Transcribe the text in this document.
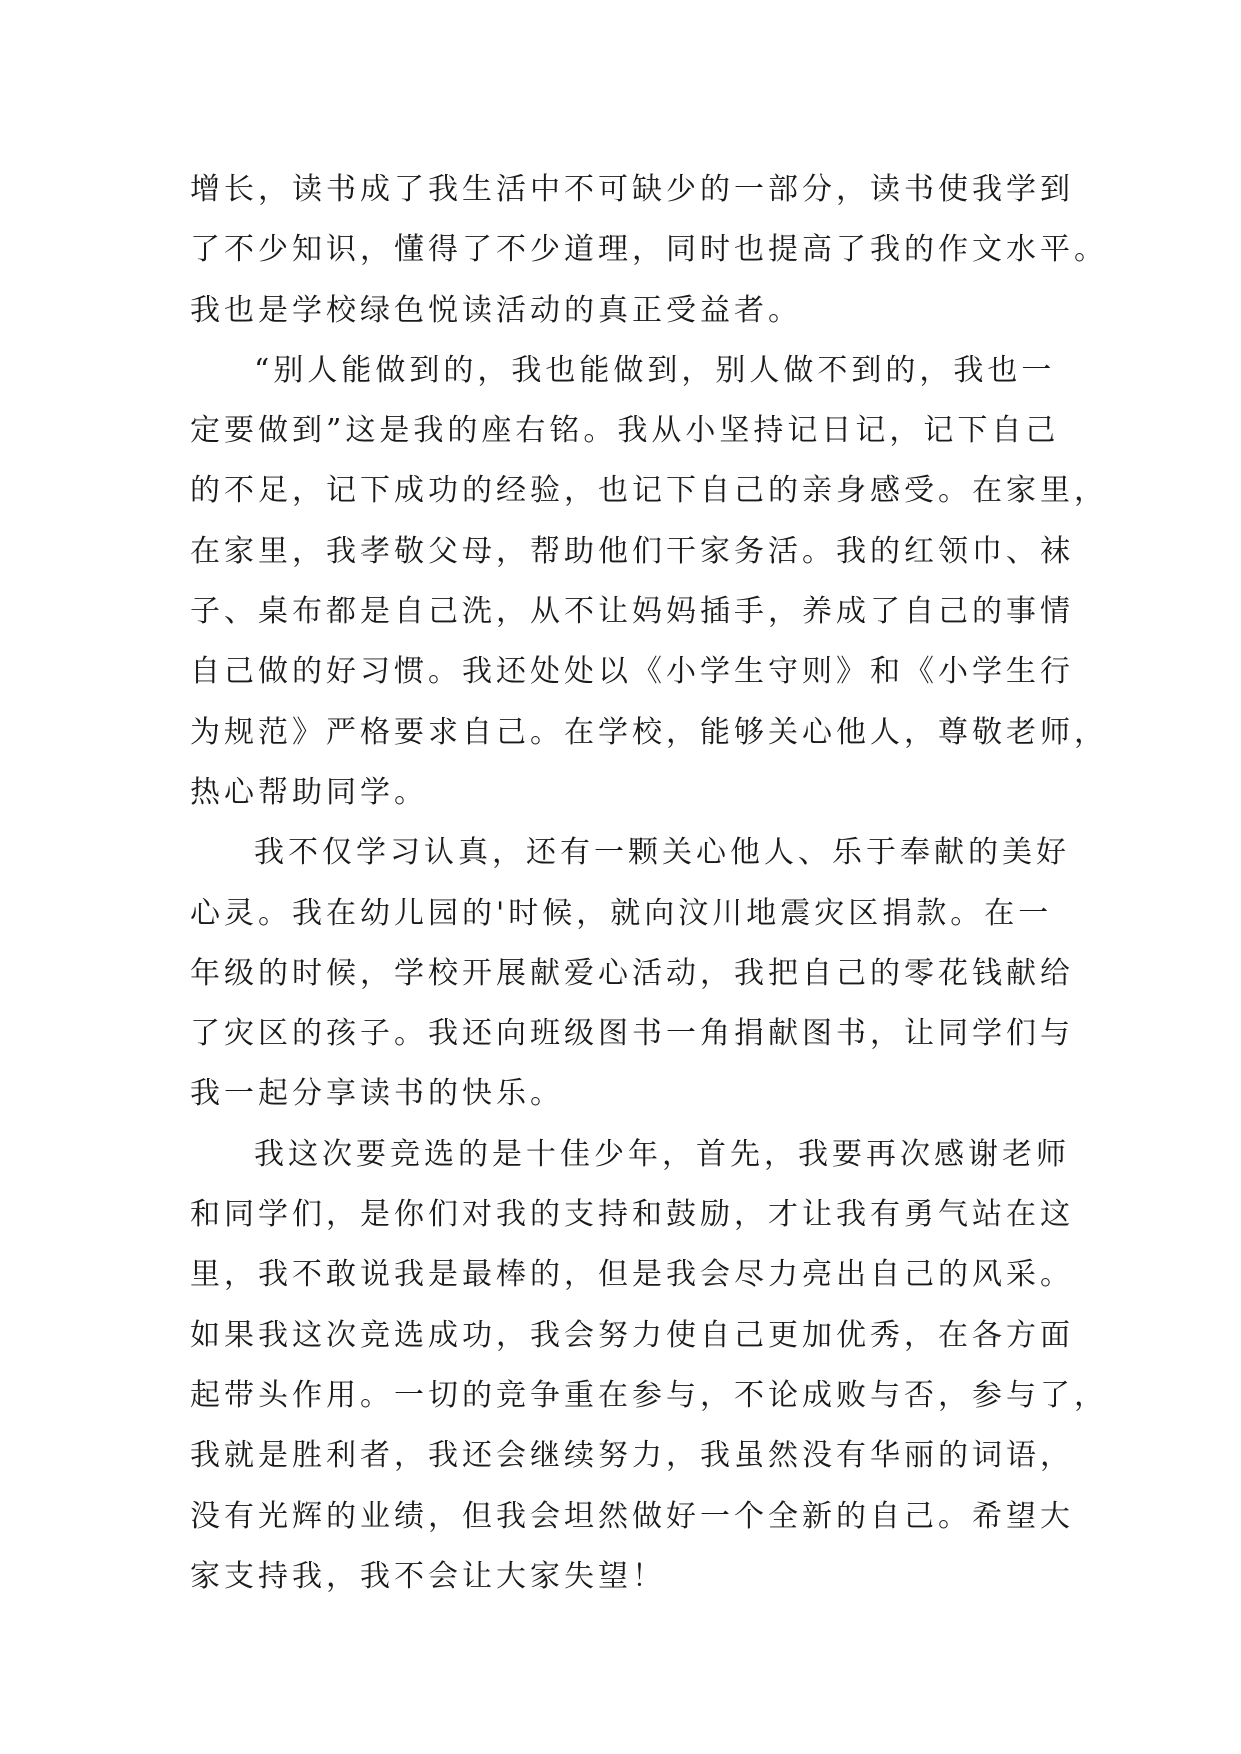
增长，读书成了我生活中不可缺少的一部分，读书使我学到
了不少知识，懂得了不少道理，同时也提高了我的作文水平。
我也是学校绿色悦读活动的真正受益者。
“别人能做到的，我也能做到，别人做不到的，我也一
定要做到”这是我的座右铭。我从小坚持记日记，记下自己
的不足，记下成功的经验，也记下自己的亲身感受。在家里，
在家里，我孝敬父母，帮助他们干家务活。我的红领巾、袜
子、桌布都是自己洗，从不让妈妈插手，养成了自己的事情
自己做的好习惯。我还处处以《小学生守则》和《小学生行
为规范》严格要求自己。在学校，能够关心他人，尊敬老师，
热心帮助同学。
我不仅学习认真，还有一颗关心他人、乐于奉献的美好
心灵。我在幼儿园的'时候，就向汶川地震灾区捐款。在一
年级的时候，学校开展献爱心活动，我把自己的零花钱献给
了灾区的孩子。我还向班级图书一角捐献图书，让同学们与
我一起分享读书的快乐。
我这次要竞选的是十佳少年，首先，我要再次感谢老师
和同学们，是你们对我的支持和鼓励，才让我有勇气站在这
里，我不敢说我是最棒的，但是我会尽力亮出自己的风采。
如果我这次竞选成功，我会努力使自己更加优秀，在各方面
起带头作用。一切的竞争重在参与，不论成败与否，参与了，
我就是胜利者，我还会继续努力，我虽然没有华丽的词语，
没有光辉的业绩，但我会坦然做好一个全新的自己。希望大
家支持我，我不会让大家失望！
